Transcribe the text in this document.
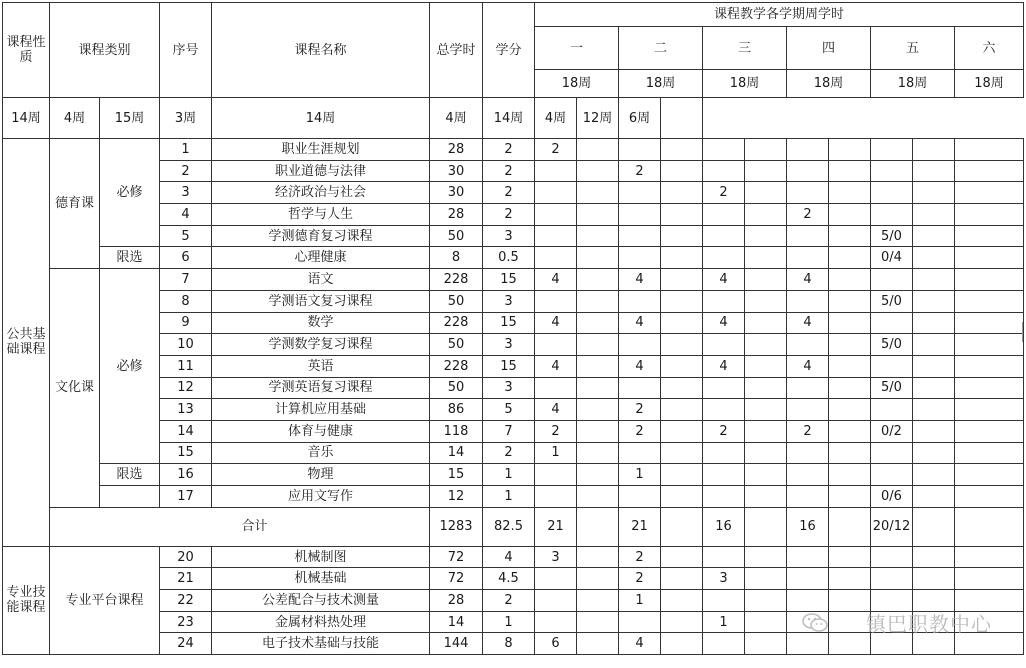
课程性质	课程类别		序号	课程名称	总学时	学分	课程教学各学期周学时										
							一		二		三		四		五		六
							18周		18周		18周		18周		18周		18周
14周	4周	15周	3周	14周	4周	14周	4周	12周	6周								
公共基础课程	德育课	必修	1	职业生涯规划	28	2	2										
			2	职业道德与法律	30	2			2								
			3	经济政治与社会	30	2					2						
			4	哲学与人生	28	2							2				
			5	学测德育复习课程	50	3									5/0		
		限选	6	心理健康	8	0.5									0/4		
	文化课	必修	7	语文	228	15	4		4		4		4				
			8	学测语文复习课程	50	3									5/0		
			9	数学	228	15	4		4		4		4				
			10	学测数学复习课程	50	3									5/0		
			11	英语	228	15	4		4		4		4				
			12	学测英语复习课程	50	3									5/0		
			13	计算机应用基础	86	5	4		2								
			14	体育与健康	118	7	2		2		2		2		0/2		
			15	音乐	14	2	1										
		限选	16	物理	15	1			1								
			17	应用文写作	12	1									0/6		
	合计				1283	82.5	21		21		16		16		20/12		
专业技能课程	专业平台课程		20	机械制图	72	4	3		2								
			21	机械基础	72	4.5			2		3						
			22	公差配合与技术测量	28	2			1								
			23	金属材料热处理	14	1					1						
			24	电子技术基础与技能	144	8	6		4								
镇巴职教中心
